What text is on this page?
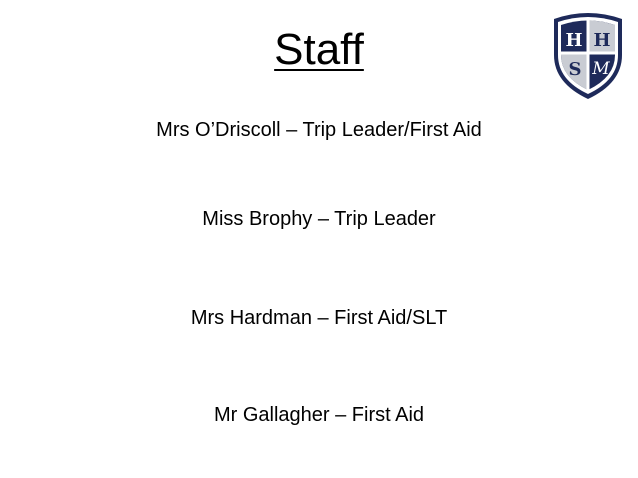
Staff
Mrs O’Driscoll – Trip Leader/First Aid
Miss Brophy – Trip Leader
Mrs Hardman – First Aid/SLT
Mr Gallagher – First Aid
H H
S M
